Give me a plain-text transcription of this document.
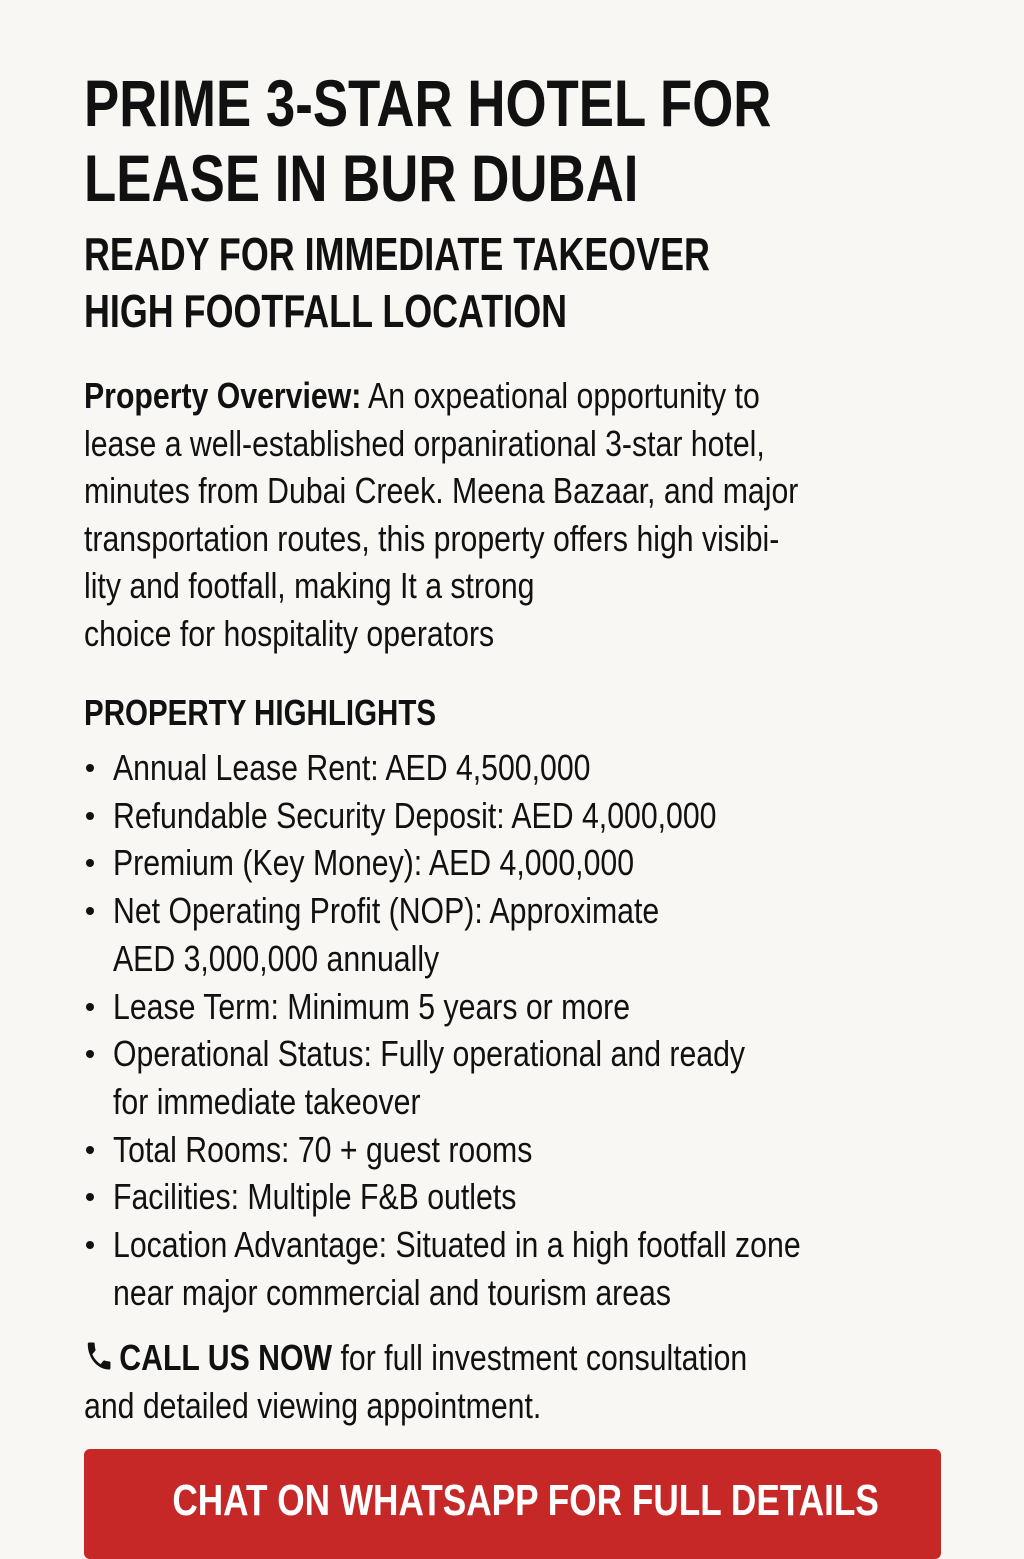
PRIME 3-STAR HOTEL FOR
LEASE IN BUR DUBAI
READY FOR IMMEDIATE TAKEOVER
HIGH FOOTFALL LOCATION
Property Overview: An oxpeational opportunity to
lease a well-established orpanirational 3-star hotel,
minutes from Dubai Creek. Meena Bazaar, and major
transportation routes, this property offers high visibi-
lity and footfall, making It a strong
choice for hospitality operators
PROPERTY HIGHLIGHTS
Annual Lease Rent: AED 4,500,000
Refundable Security Deposit: AED 4,000,000
Premium (Key Money): AED 4,000,000
Net Operating Profit (NOP): Approximate
AED 3,000,000 annually
Lease Term: Minimum 5 years or more
Operational Status: Fully operational and ready
for immediate takeover
Total Rooms: 70 + guest rooms
Facilities: Multiple F&B outlets
Location Advantage: Situated in a high footfall zone
near major commercial and tourism areas
CALL US NOW for full investment consultation
and detailed viewing appointment.
CHAT ON WHATSAPP FOR FULL DETAILS
